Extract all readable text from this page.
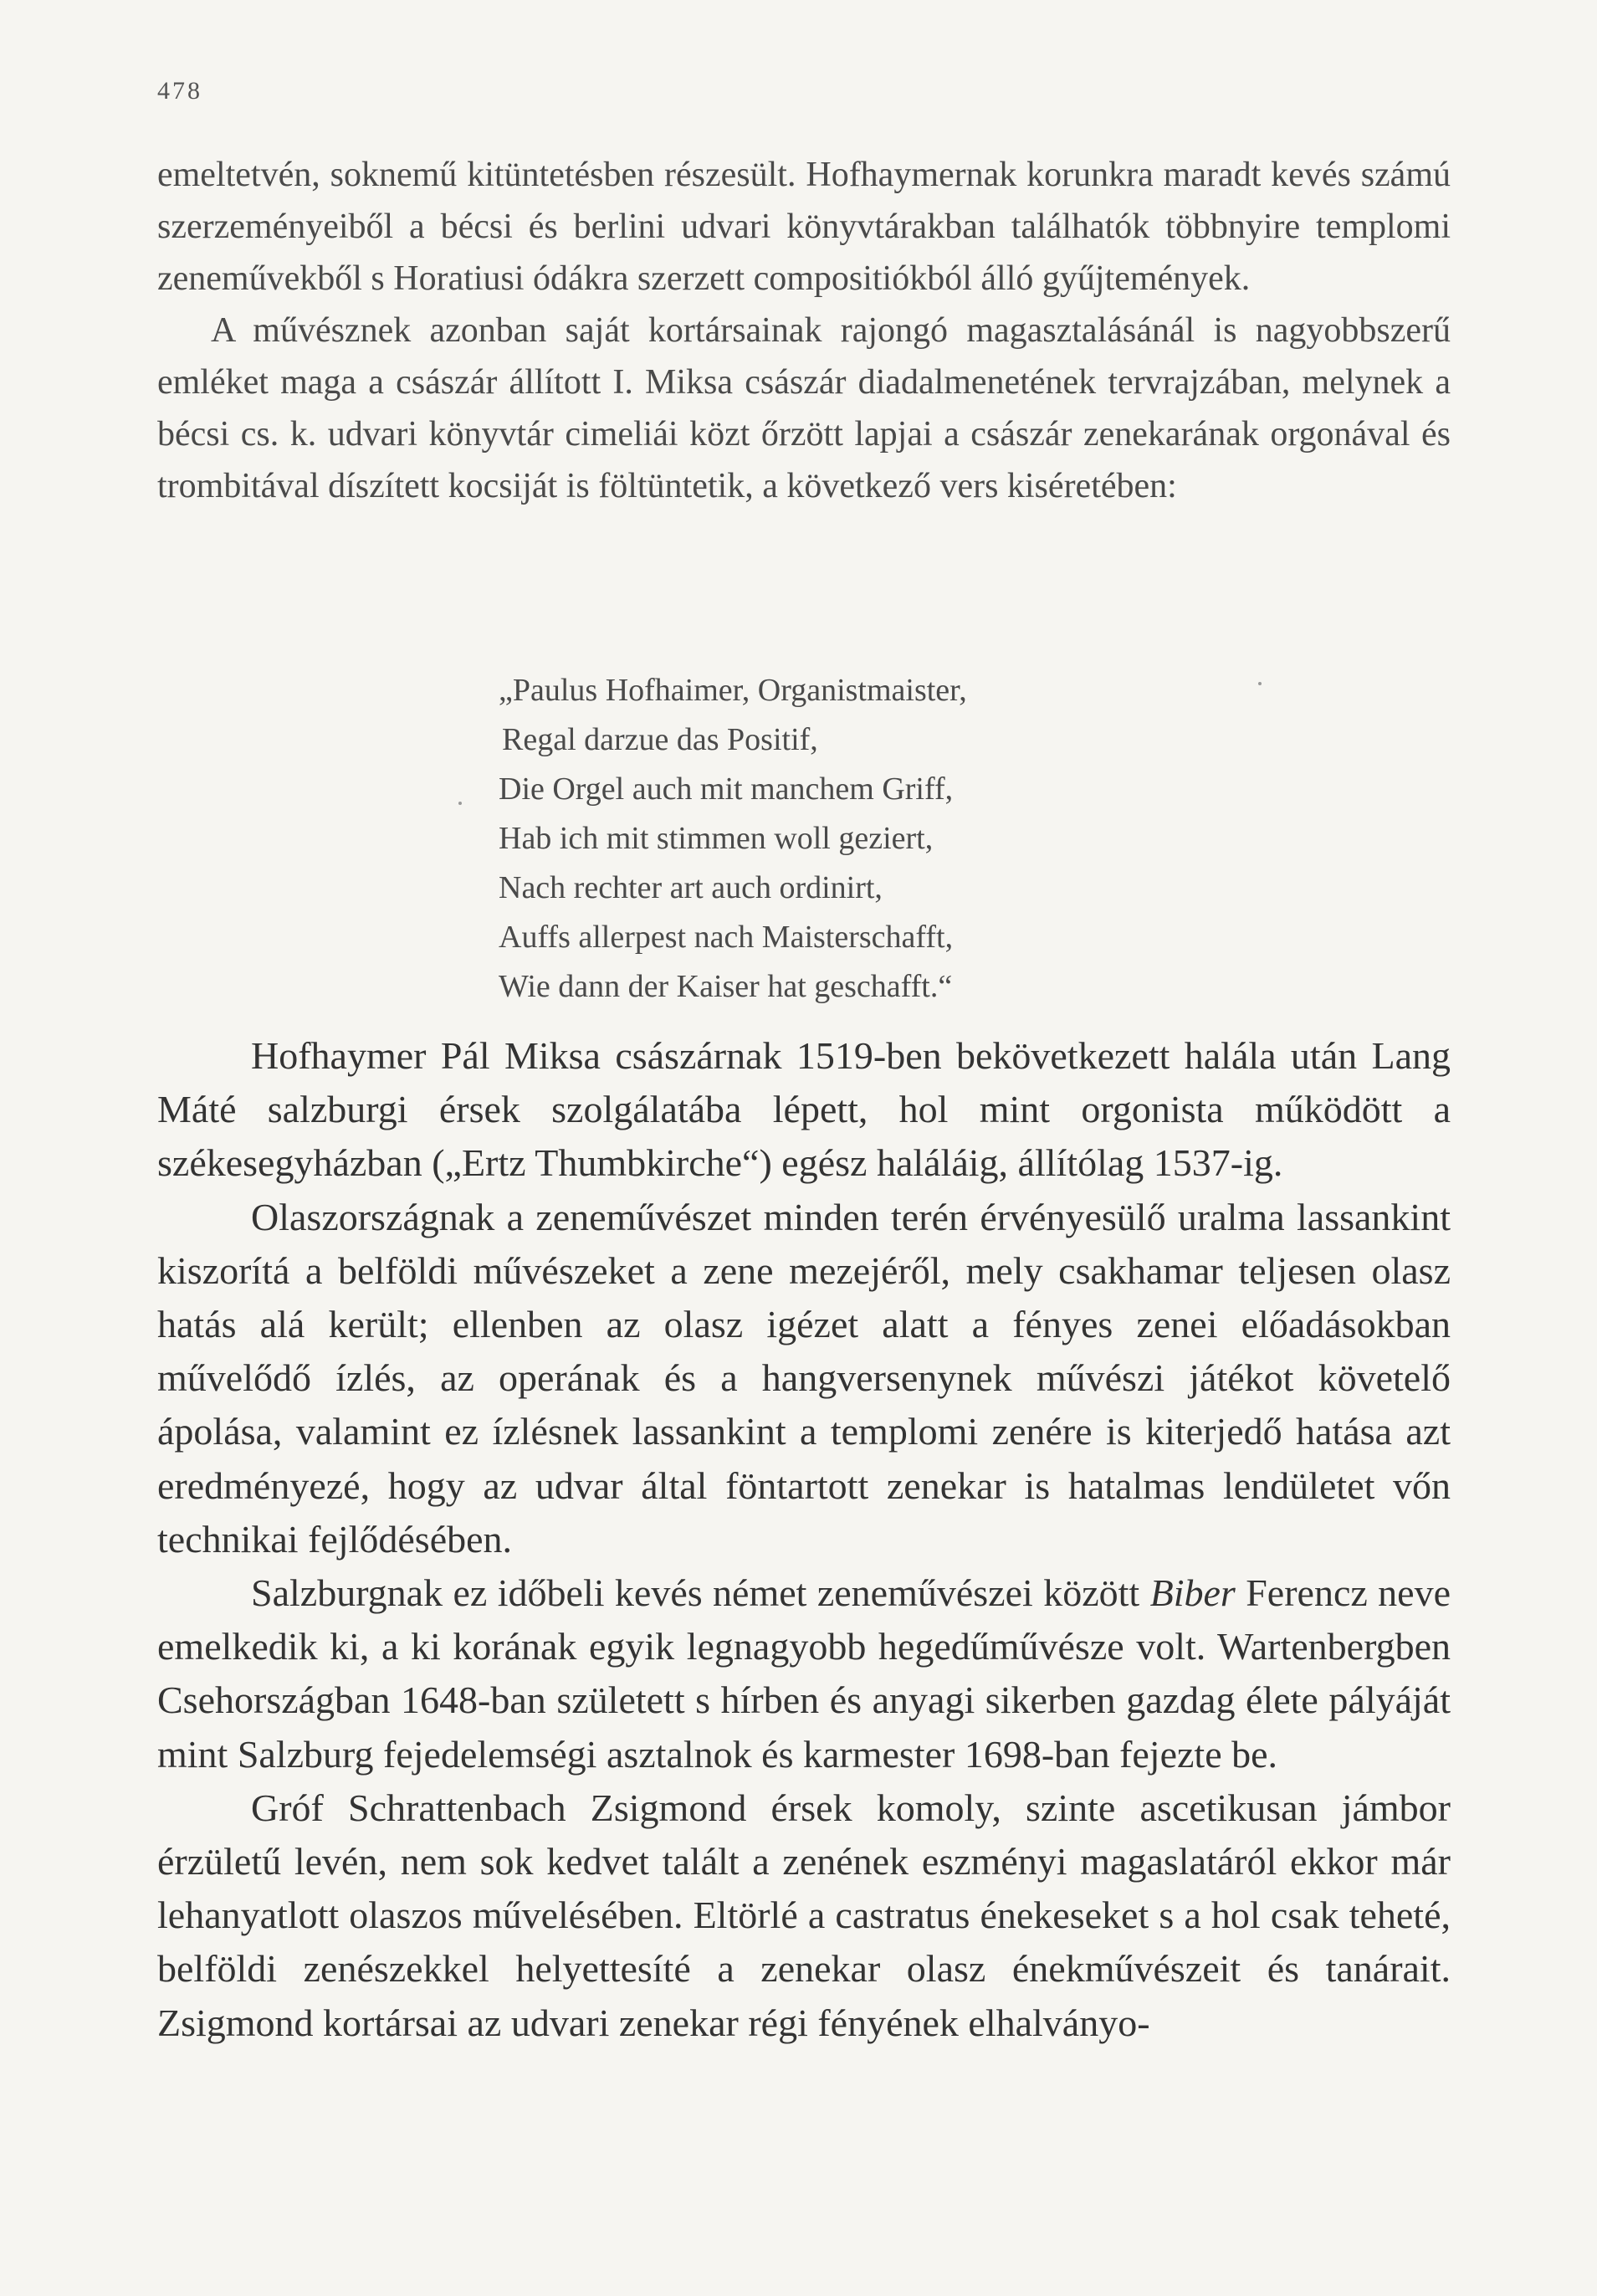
478

emeltetvén, soknemű kitüntetésben részesült. Hofhaymernak korunkra maradt kevés számú szerzeményeiből a bécsi és berlini udvari könyvtárakban találhatók többnyire templomi zeneművekből s Horatiusi ódákra szerzett compositiókból álló gyűjtemények.

A művésznek azonban saját kortársainak rajongó magasztalásánál is nagyobbszerű emléket maga a császár állított I. Miksa császár diadalmenetének tervrajzában, melynek a bécsi cs. k. udvari könyvtár cimeliái közt őrzött lapjai a császár zenekarának orgonával és trombitával díszített kocsiját is föltüntetik, a következő vers kiséretében:

„Paulus Hofhaimer, Organistmaister,
Regal darzue das Positif,
Die Orgel auch mit manchem Griff,
Hab ich mit stimmen woll geziert,
Nach rechter art auch ordinirt,
Auffs allerpest nach Maisterschafft,
Wie dann der Kaiser hat geschafft.“

Hofhaymer Pál Miksa császárnak 1519-ben bekövetkezett halála után Lang Máté salzburgi érsek szolgálatába lépett, hol mint orgonista működött a székesegyházban („Ertz Thumbkirche“) egész haláláig, állítólag 1537-ig.

Olaszországnak a zeneművészet minden terén érvényesülő uralma lassankint kiszorítá a belföldi művészeket a zene mezejéről, mely csakhamar teljesen olasz hatás alá került; ellenben az olasz igézet alatt a fényes zenei előadásokban művelődő ízlés, az operának és a hangversenynek művészi játékot követelő ápolása, valamint ez ízlésnek lassankint a templomi zenére is kiterjedő hatása azt eredményezé, hogy az udvar által föntartott zenekar is hatalmas lendületet vőn technikai fejlődésében.

Salzburgnak ez időbeli kevés német zeneművészei között Biber Ferencz neve emelkedik ki, a ki korának egyik legnagyobb hegedűművésze volt. Wartenbergben Csehországban 1648-ban született s hírben és anyagi sikerben gazdag élete pályáját mint Salzburg fejedelemségi asztalnok és karmester 1698-ban fejezte be.

Gróf Schrattenbach Zsigmond érsek komoly, szinte ascetikusan jámbor érzületű levén, nem sok kedvet talált a zenének eszményi magaslatáról ekkor már lehanyatlott olaszos művelésében. Eltörlé a castratus énekeseket s a hol csak teheté, belföldi zenészekkel helyettesíté a zenekar olasz énekművészeit és tanárait. Zsigmond kortársai az udvari zenekar régi fényének elhalványo-
